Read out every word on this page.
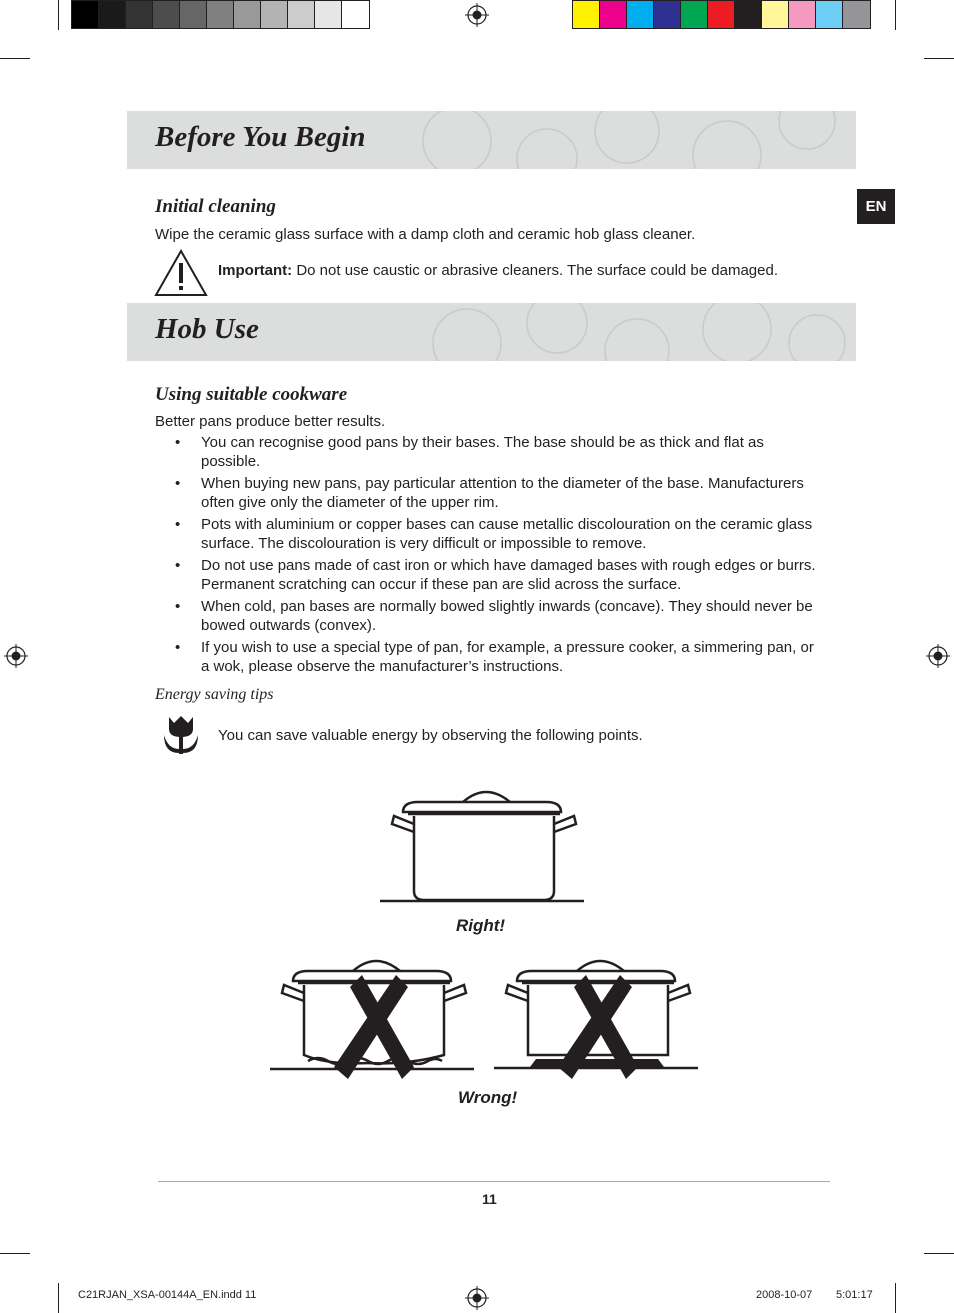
EN
Before You Begin
Initial cleaning
Wipe the ceramic glass surface with a damp cloth and ceramic hob glass cleaner.
Important: Do not use caustic or abrasive cleaners. The surface could be damaged.
Hob Use
Using suitable cookware
Better pans produce better results.
• You can recognise good pans by their bases. The base should be as thick and flat as possible.
• When buying new pans, pay particular attention to the diameter of the base. Manufacturers often give only the diameter of the upper rim.
• Pots with aluminium or copper bases can cause metallic discolouration on the ceramic glass surface. The discolouration is very difficult or impossible to remove.
• Do not use pans made of cast iron or which have damaged bases with rough edges or burrs. Permanent scratching can occur if these pan are slid across the surface.
• When cold, pan bases are normally bowed slightly inwards (concave). They should never be bowed outwards (convex).
• If you wish to use a special type of pan, for example, a pressure cooker, a simmering pan, or a wok, please observe the manufacturer’s instructions.
Energy saving tips
You can save valuable energy by observing the following points.
Right!
Wrong!
11
C21RJAN_XSA-00144A_EN.indd 11	2008-10-07 5:01:17
